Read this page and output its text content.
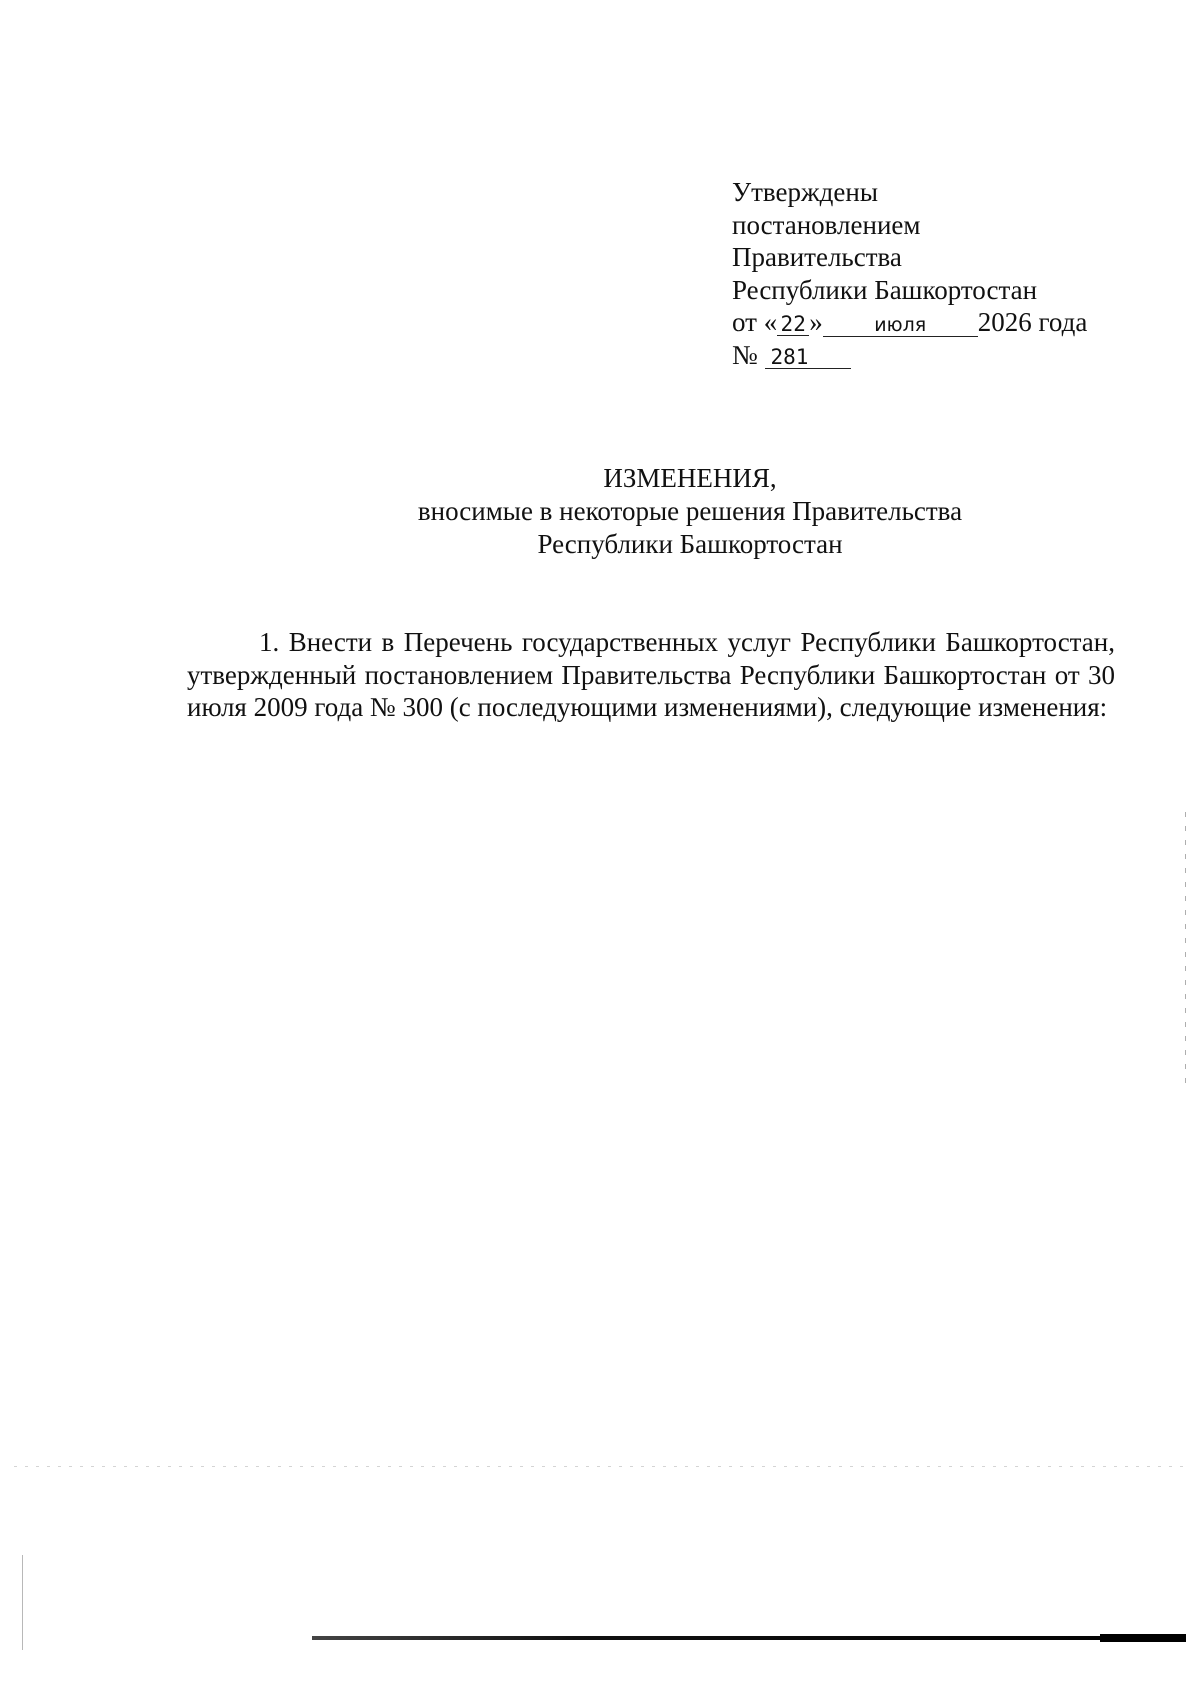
Утверждены
постановлением
Правительства
Республики Башкортостан
от « 22 »	июля 2026 года
№ 281
ИЗМЕНЕНИЯ,
вносимые в некоторые решения Правительства
Республики Башкортостан
1. Внести в Перечень государственных услуг Республики Башкортостан, утвержденный постановлением Правительства Республики Башкортостан от 30 июля 2009 года № 300 (с последующими изменениями), следующие изменения:
